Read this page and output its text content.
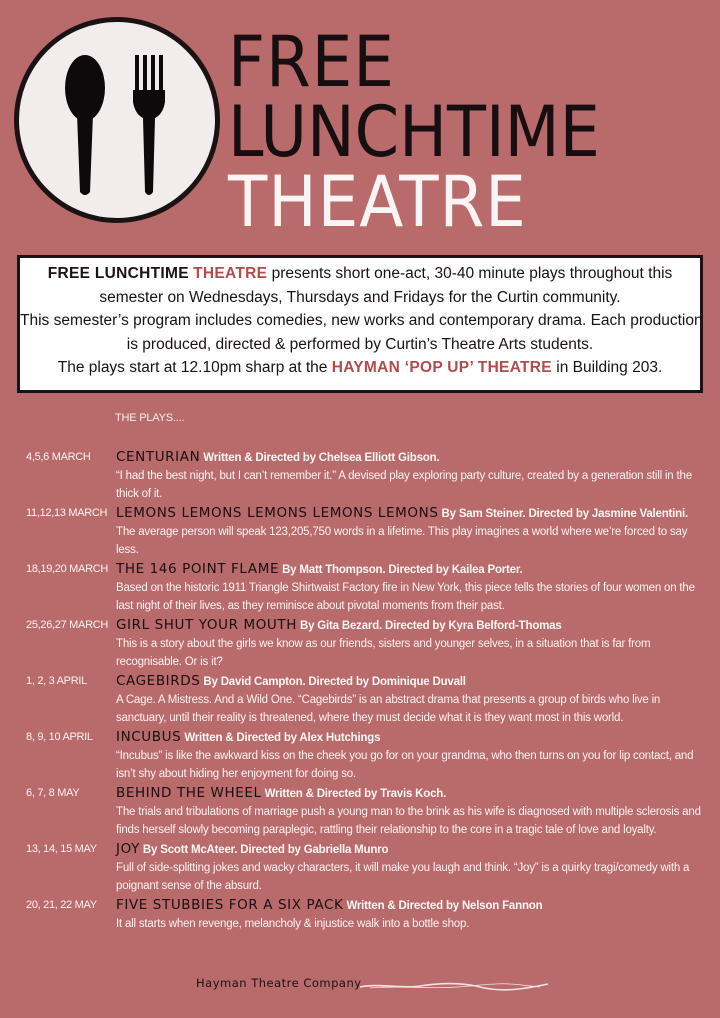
FREE
LUNCHTIME
THEATRE
FREE LUNCHTIME THEATRE presents short one-act, 30-40 minute plays throughout this
semester on Wednesdays, Thursdays and Fridays for the Curtin community.
This semester’s program includes comedies, new works and contemporary drama. Each production
is produced, directed & performed by Curtin’s Theatre Arts students.
The plays start at 12.10pm sharp at the HAYMAN ‘POP UP’ THEATRE in Building 203.
THE PLAYS....
4,5,6 MARCH	CENTURIAN Written & Directed by Chelsea Elliott Gibson.
“I had the best night, but I can’t remember it.” A devised play exploring party culture, created by a generation still in the thick of it.
11,12,13 MARCH LEMONS LEMONS LEMONS LEMONS LEMONS By Sam Steiner. Directed by Jasmine Valentini.
The average person will speak 123,205,750 words in a lifetime. This play imagines a world where we’re forced to say less.
18,19,20 MARCH THE 146 POINT FLAME By Matt Thompson. Directed by Kailea Porter.
Based on the historic 1911 Triangle Shirtwaist Factory fire in New York, this piece tells the stories of four women on the last night of their lives, as they reminisce about pivotal moments from their past.
25,26,27 MARCH GIRL SHUT YOUR MOUTH By Gita Bezard. Directed by Kyra Belford-Thomas
This is a story about the girls we know as our friends, sisters and younger selves, in a situation that is far from recognisable. Or is it?
1, 2, 3 APRIL	CAGEBIRDS By David Campton. Directed by Dominique Duvall
A Cage. A Mistress. And a Wild One. “Cagebirds” is an abstract drama that presents a group of birds who live in sanctuary, until their reality is threatened, where they must decide what it is they want most in this world.
8, 9, 10 APRIL	INCUBUS Written & Directed by Alex Hutchings
“Incubus” is like the awkward kiss on the cheek you go for on your grandma, who then turns on you for lip contact, and isn’t shy about hiding her enjoyment for doing so.
6, 7, 8 MAY	BEHIND THE WHEEL Written & Directed by Travis Koch.
The trials and tribulations of marriage push a young man to the brink as his wife is diagnosed with multiple sclerosis and finds herself slowly becoming paraplegic, rattling their relationship to the core in a tragic tale of love and loyalty.
13, 14, 15 MAY	JOY By Scott McAteer. Directed by Gabriella Munro
Full of side-splitting jokes and wacky characters, it will make you laugh and think. “Joy” is a quirky tragi/comedy with a poignant sense of the absurd.
20, 21, 22 MAY	FIVE STUBBIES FOR A SIX PACK Written & Directed by Nelson Fannon
It all starts when revenge, melancholy & injustice walk into a bottle shop.
Hayman Theatre Company
